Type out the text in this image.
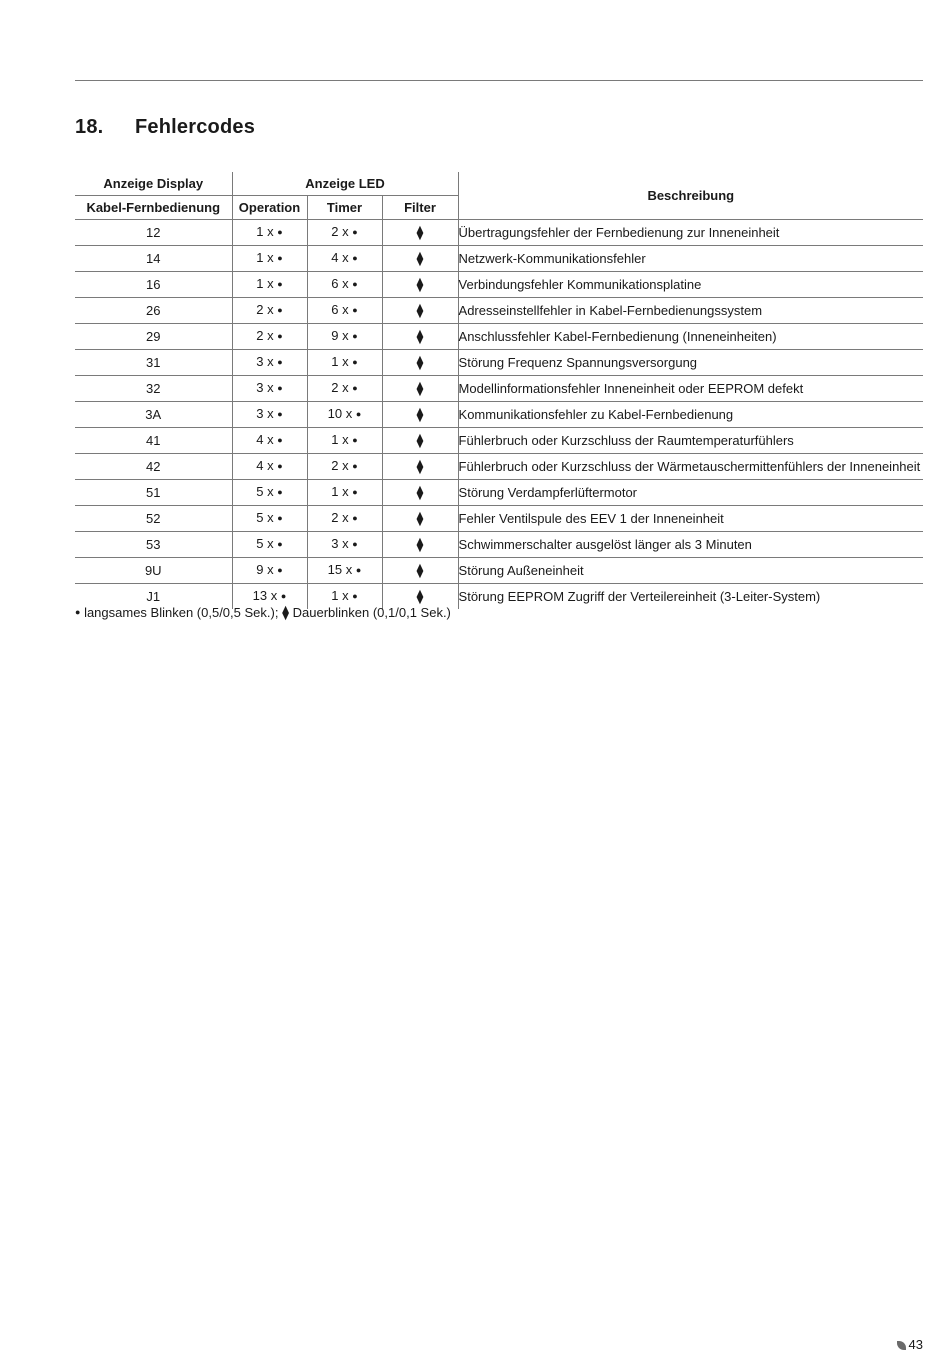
18. Fehlercodes
Anzeige Display	Anzeige LED			Beschreibung
Kabel-Fernbedienung	Operation	Timer	Filter	
12	1 x ●	2 x ●	⧫	Übertragungsfehler der Fernbedienung zur Inneneinheit
14	1 x ●	4 x ●	⧫	Netzwerk-Kommunikationsfehler
16	1 x ●	6 x ●	⧫	Verbindungsfehler Kommunikationsplatine
26	2 x ●	6 x ●	⧫	Adresseinstellfehler in Kabel-Fernbedienungssystem
29	2 x ●	9 x ●	⧫	Anschlussfehler Kabel-Fernbedienung (Inneneinheiten)
31	3 x ●	1 x ●	⧫	Störung Frequenz Spannungsversorgung
32	3 x ●	2 x ●	⧫	Modellinformationsfehler Inneneinheit oder EEPROM defekt
3A	3 x ●	10 x ●	⧫	Kommunikationsfehler zu Kabel-Fernbedienung
41	4 x ●	1 x ●	⧫	Fühlerbruch oder Kurzschluss der Raumtemperaturfühlers
42	4 x ●	2 x ●	⧫	Fühlerbruch oder Kurzschluss der Wärmetauschermittenfühlers der Inneneinheit
51	5 x ●	1 x ●	⧫	Störung Verdampferlüftermotor
52	5 x ●	2 x ●	⧫	Fehler Ventilspule des EEV 1 der Inneneinheit
53	5 x ●	3 x ●	⧫	Schwimmerschalter ausgelöst länger als 3 Minuten
9U	9 x ●	15 x ●	⧫	Störung Außeneinheit
J1	13 x ●	1 x ●	⧫	Störung EEPROM Zugriff der Verteilereinheit (3-Leiter-System)
● langsames Blinken (0,5/0,5 Sek.); ⧫ Dauerblinken (0,1/0,1 Sek.)
43
